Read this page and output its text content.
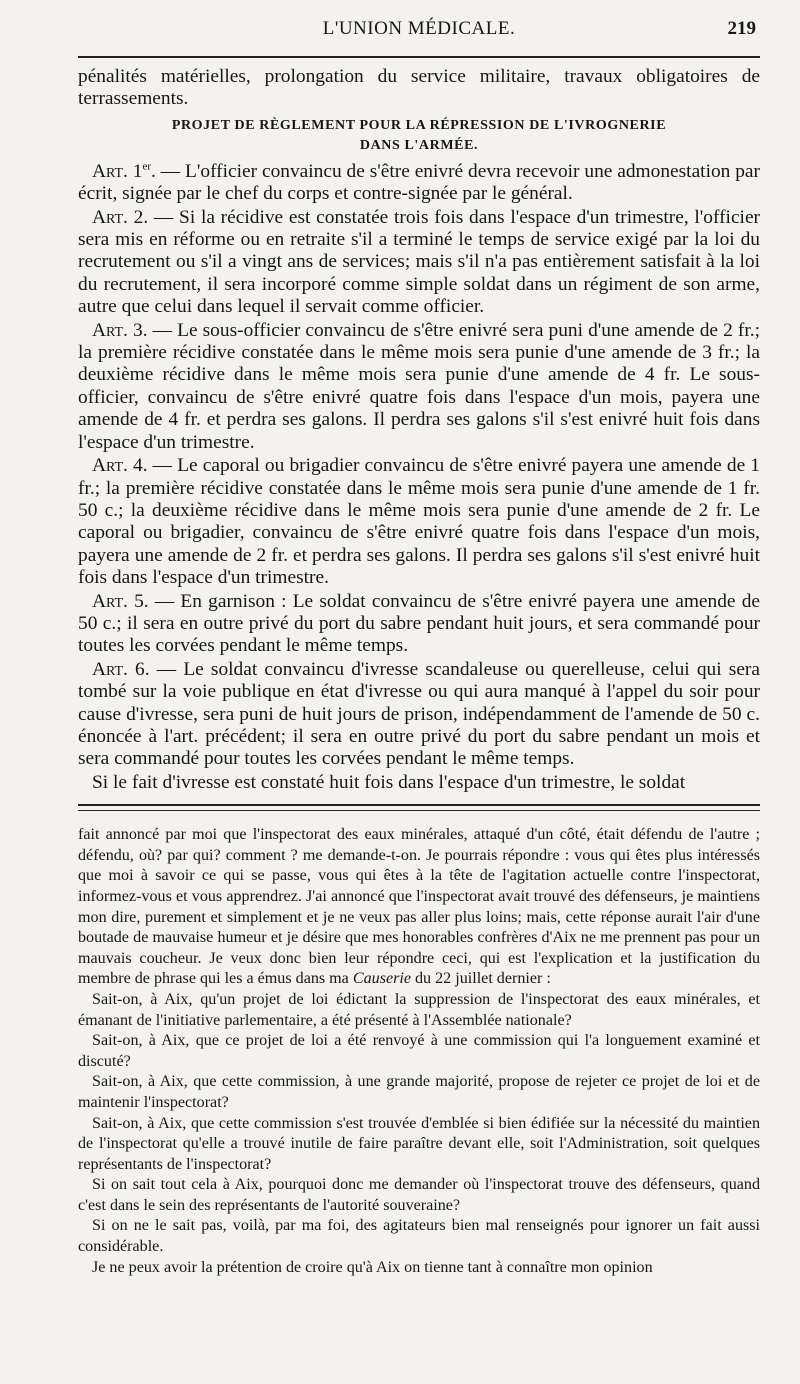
L'UNION MÉDICALE.	219

pénalités matérielles, prolongation du service militaire, travaux obligatoires de terrassements.

PROJET DE RÈGLEMENT POUR LA RÉPRESSION DE L'IVROGNERIE
DANS L'ARMÉE.

Art. 1er. — L'officier convaincu de s'être enivré devra recevoir une admonestation par écrit, signée par le chef du corps et contre-signée par le général.

Art. 2. — Si la récidive est constatée trois fois dans l'espace d'un trimestre, l'officier sera mis en réforme ou en retraite s'il a terminé le temps de service exigé par la loi du recrutement ou s'il a vingt ans de services; mais s'il n'a pas entièrement satisfait à la loi du recrutement, il sera incorporé comme simple soldat dans un régiment de son arme, autre que celui dans lequel il servait comme officier.

Art. 3. — Le sous-officier convaincu de s'être enivré sera puni d'une amende de 2 fr.; la première récidive constatée dans le même mois sera punie d'une amende de 3 fr.; la deuxième récidive dans le même mois sera punie d'une amende de 4 fr. Le sous-officier, convaincu de s'être enivré quatre fois dans l'espace d'un mois, payera une amende de 4 fr. et perdra ses galons. Il perdra ses galons s'il s'est enivré huit fois dans l'espace d'un trimestre.

Art. 4. — Le caporal ou brigadier convaincu de s'être enivré payera une amende de 1 fr.; la première récidive constatée dans le même mois sera punie d'une amende de 1 fr. 50 c.; la deuxième récidive dans le même mois sera punie d'une amende de 2 fr. Le caporal ou brigadier, convaincu de s'être enivré quatre fois dans l'espace d'un mois, payera une amende de 2 fr. et perdra ses galons. Il perdra ses galons s'il s'est enivré huit fois dans l'espace d'un trimestre.

Art. 5. — En garnison : Le soldat convaincu de s'être enivré payera une amende de 50 c.; il sera en outre privé du port du sabre pendant huit jours, et sera commandé pour toutes les corvées pendant le même temps.

Art. 6. — Le soldat convaincu d'ivresse scandaleuse ou querelleuse, celui qui sera tombé sur la voie publique en état d'ivresse ou qui aura manqué à l'appel du soir pour cause d'ivresse, sera puni de huit jours de prison, indépendamment de l'amende de 50 c. énoncée à l'art. précédent; il sera en outre privé du port du sabre pendant un mois et sera commandé pour toutes les corvées pendant le même temps.

Si le fait d'ivresse est constaté huit fois dans l'espace d'un trimestre, le soldat

fait annoncé par moi que l'inspectorat des eaux minérales, attaqué d'un côté, était défendu de l'autre ; défendu, où? par qui? comment ? me demande-t-on. Je pourrais répondre : vous qui êtes plus intéressés que moi à savoir ce qui se passe, vous qui êtes à la tête de l'agitation actuelle contre l'inspectorat, informez-vous et vous apprendrez. J'ai annoncé que l'inspectorat avait trouvé des défenseurs, je maintiens mon dire, purement et simplement et je ne veux pas aller plus loins; mais, cette réponse aurait l'air d'une boutade de mauvaise humeur et je désire que mes honorables confrères d'Aix ne me prennent pas pour un mauvais coucheur. Je veux donc bien leur répondre ceci, qui est l'explication et la justification du membre de phrase qui les a émus dans ma Causerie du 22 juillet dernier :

Sait-on, à Aix, qu'un projet de loi édictant la suppression de l'inspectorat des eaux minérales, et émanant de l'initiative parlementaire, a été présenté à l'Assemblée nationale?

Sait-on, à Aix, que ce projet de loi a été renvoyé à une commission qui l'a longuement examiné et discuté?

Sait-on, à Aix, que cette commission, à une grande majorité, propose de rejeter ce projet de loi et de maintenir l'inspectorat?

Sait-on, à Aix, que cette commission s'est trouvée d'emblée si bien édifiée sur la nécessité du maintien de l'inspectorat qu'elle a trouvé inutile de faire paraître devant elle, soit l'Administration, soit quelques représentants de l'inspectorat?

Si on sait tout cela à Aix, pourquoi donc me demander où l'inspectorat trouve des défenseurs, quand c'est dans le sein des représentants de l'autorité souveraine?

Si on ne le sait pas, voilà, par ma foi, des agitateurs bien mal renseignés pour ignorer un fait aussi considérable.

Je ne peux avoir la prétention de croire qu'à Aix on tienne tant à connaître mon opinion
